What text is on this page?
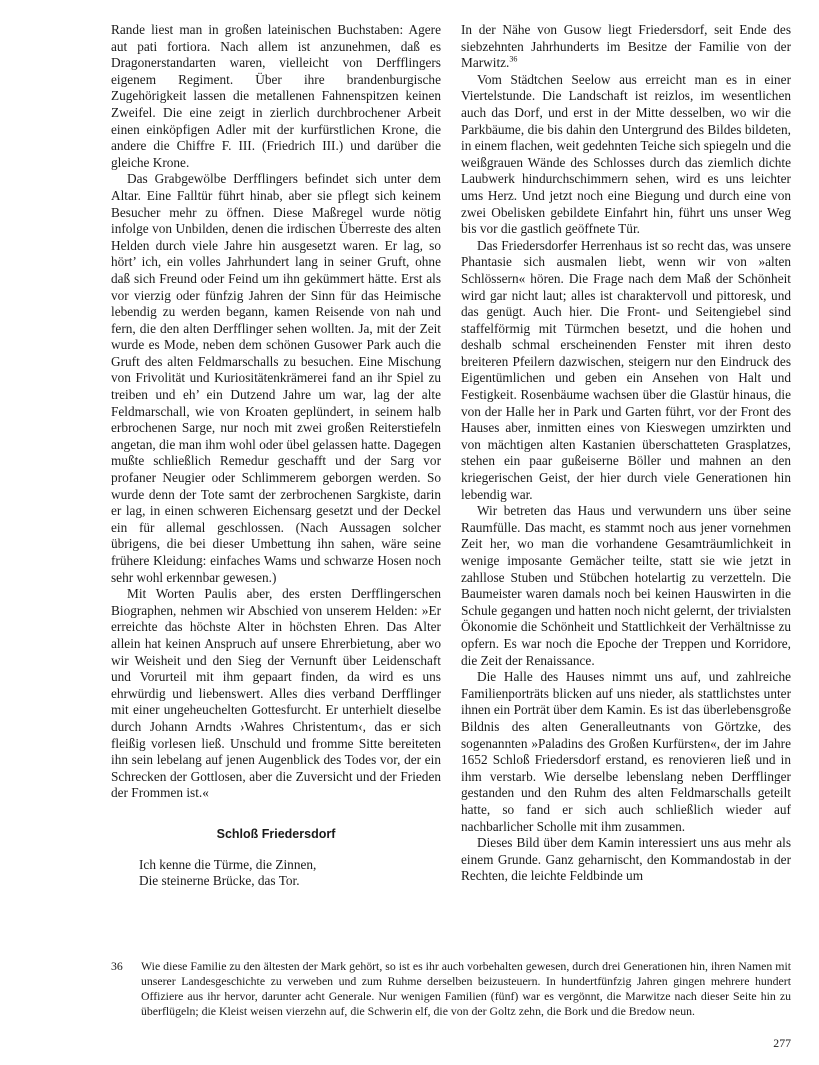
Rande liest man in großen lateinischen Buchstaben: Agere aut pati fortiora. Nach allem ist anzunehmen, daß es Dragonerstandarten waren, vielleicht von Derfflingers eigenem Regiment. Über ihre brandenburgische Zugehörigkeit lassen die metallenen Fahnenspitzen keinen Zweifel. Die eine zeigt in zierlich durchbrochener Arbeit einen einköpfigen Adler mit der kurfürstlichen Krone, die andere die Chiffre F. III. (Friedrich III.) und darüber die gleiche Krone.

Das Grabgewölbe Derfflingers befindet sich unter dem Altar. Eine Falltür führt hinab, aber sie pflegt sich keinem Besucher mehr zu öffnen. Diese Maßregel wurde nötig infolge von Unbilden, denen die irdischen Überreste des alten Helden durch viele Jahre hin ausgesetzt waren. Er lag, so hört’ ich, ein volles Jahrhundert lang in seiner Gruft, ohne daß sich Freund oder Feind um ihn gekümmert hätte. Erst als vor vierzig oder fünfzig Jahren der Sinn für das Heimische lebendig zu werden begann, kamen Reisende von nah und fern, die den alten Derfflinger sehen wollten. Ja, mit der Zeit wurde es Mode, neben dem schönen Gusower Park auch die Gruft des alten Feldmarschalls zu besuchen. Eine Mischung von Frivolität und Kuriositätenkrämerei fand an ihr Spiel zu treiben und eh’ ein Dutzend Jahre um war, lag der alte Feldmarschall, wie von Kroaten geplündert, in seinem halb erbrochenen Sarge, nur noch mit zwei großen Reiterstiefeln angetan, die man ihm wohl oder übel gelassen hatte. Dagegen mußte schließlich Remedur geschafft und der Sarg vor profaner Neugier oder Schlimmerem geborgen werden. So wurde denn der Tote samt der zerbrochenen Sargkiste, darin er lag, in einen schweren Eichensarg gesetzt und der Deckel ein für allemal geschlossen. (Nach Aussagen solcher übrigens, die bei dieser Umbettung ihn sahen, wäre seine frühere Kleidung: einfaches Wams und schwarze Hosen noch sehr wohl erkennbar gewesen.)

Mit Worten Paulis aber, des ersten Derfflingerschen Biographen, nehmen wir Abschied von unserem Helden: »Er erreichte das höchste Alter in höchsten Ehren. Das Alter allein hat keinen Anspruch auf unsere Ehrerbietung, aber wo wir Weisheit und den Sieg der Vernunft über Leidenschaft und Vorurteil mit ihm gepaart finden, da wird es uns ehrwürdig und liebenswert. Alles dies verband Derfflinger mit einer ungeheuchelten Gottesfurcht. Er unterhielt dieselbe durch Johann Arndts ›Wahres Christentum‹, das er sich fleißig vorlesen ließ. Unschuld und fromme Sitte bereiteten ihn sein lebelang auf jenen Augenblick des Todes vor, der ein Schrecken der Gottlosen, aber die Zuversicht und der Frieden der Frommen ist.«

Schloß Friedersdorf
Ich kenne die Türme, die Zinnen,
Die steinerne Brücke, das Tor.

In der Nähe von Gusow liegt Friedersdorf, seit Ende des siebzehnten Jahrhunderts im Besitze der Familie von der Marwitz.$^{36}$

Vom Städtchen Seelow aus erreicht man es in einer Viertelstunde. Die Landschaft ist reizlos, im wesentlichen auch das Dorf, und erst in der Mitte desselben, wo wir die Parkbäume, die bis dahin den Untergrund des Bildes bildeten, in einem flachen, weit gedehnten Teiche sich spiegeln und die weißgrauen Wände des Schlosses durch das ziemlich dichte Laubwerk hindurchschimmern sehen, wird es uns leichter ums Herz. Und jetzt noch eine Biegung und durch eine von zwei Obelisken gebildete Einfahrt hin, führt uns unser Weg bis vor die gastlich geöffnete Tür.

Das Friedersdorfer Herrenhaus ist so recht das, was unsere Phantasie sich ausmalen liebt, wenn wir von »alten Schlössern« hören. Die Frage nach dem Maß der Schönheit wird gar nicht laut; alles ist charaktervoll und pittoresk, und das genügt. Auch hier. Die Front- und Seitengiebel sind staffelförmig mit Türmchen besetzt, und die hohen und deshalb schmal erscheinenden Fenster mit ihren desto breiteren Pfeilern dazwischen, steigern nur den Eindruck des Eigentümlichen und geben ein Ansehen von Halt und Festigkeit. Rosenbäume wachsen über die Glastür hinaus, die von der Halle her in Park und Garten führt, vor der Front des Hauses aber, inmitten eines von Kieswegen umzirkten und von mächtigen alten Kastanien überschatteten Grasplatzes, stehen ein paar gußeiserne Böller und mahnen an den kriegerischen Geist, der hier durch viele Generationen hin lebendig war.

Wir betreten das Haus und verwundern uns über seine Raumfülle. Das macht, es stammt noch aus jener vornehmen Zeit her, wo man die vorhandene Gesamträumlichkeit in wenige imposante Gemächer teilte, statt sie wie jetzt in zahllose Stuben und Stübchen hotelartig zu verzetteln. Die Baumeister waren damals noch bei keinen Hauswirten in die Schule gegangen und hatten noch nicht gelernt, der trivialsten Ökonomie die Schönheit und Stattlichkeit der Verhältnisse zu opfern. Es war noch die Epoche der Treppen und Korridore, die Zeit der Renaissance.

Die Halle des Hauses nimmt uns auf, und zahlreiche Familienporträts blicken auf uns nieder, als stattlichstes unter ihnen ein Porträt über dem Kamin. Es ist das überlebensgroße Bildnis des alten Generalleutnants von Görtzke, des sogenannten »Paladins des Großen Kurfürsten«, der im Jahre 1652 Schloß Friedersdorf erstand, es renovieren ließ und in ihm verstarb. Wie derselbe lebenslang neben Derfflinger gestanden und den Ruhm des alten Feldmarschalls geteilt hatte, so fand er sich auch schließlich wieder auf nachbarlicher Scholle mit ihm zusammen.

Dieses Bild über dem Kamin interessiert uns aus mehr als einem Grunde. Ganz geharnischt, den Kommandostab in der Rechten, die leichte Feldbinde um

36 Wie diese Familie zu den ältesten der Mark gehört, so ist es ihr auch vorbehalten gewesen, durch drei Generationen hin, ihren Namen mit unserer Landesgeschichte zu verweben und zum Ruhme derselben beizusteuern. In hundertfünfzig Jahren gingen mehrere hundert Offiziere aus ihr hervor, darunter acht Generale. Nur wenigen Familien (fünf) war es vergönnt, die Marwitze nach dieser Seite hin zu überflügeln; die Kleist weisen vierzehn auf, die Schwerin elf, die von der Goltz zehn, die Bork und die Bredow neun.
277
